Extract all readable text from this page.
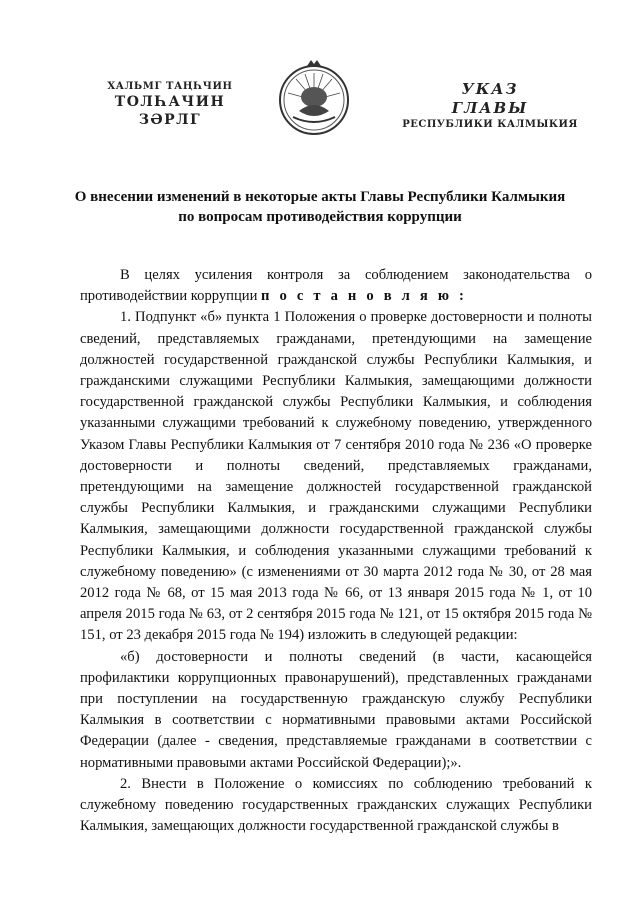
ХАЛЬМГ ТАҢҺЧИН
ТОЛҺАЧИН
ЗӘРЛГ
УКАЗ
ГЛАВЫ
РЕСПУБЛИКИ КАЛМЫКИЯ
О внесении изменений в некоторые акты Главы Республики Калмыкия
по вопросам противодействия коррупции

В целях усиления контроля за соблюдением законодательства о противодействии коррупции п о с т а н о в л я ю :

1. Подпункт «б» пункта 1 Положения о проверке достоверности и полноты сведений, представляемых гражданами, претендующими на замещение должностей государственной гражданской службы Республики Калмыкия, и гражданскими служащими Республики Калмыкия, замещающими должности государственной гражданской службы Республики Калмыкия, и соблюдения указанными служащими требований к служебному поведению, утвержденного Указом Главы Республики Калмыкия от 7 сентября 2010 года № 236 «О проверке достоверности и полноты сведений, представляемых гражданами, претендующими на замещение должностей государственной гражданской службы Республики Калмыкия, и гражданскими служащими Республики Калмыкия, замещающими должности государственной гражданской службы Республики Калмыкия, и соблюдения указанными служащими требований к служебному поведению» (с изменениями от 30 марта 2012 года № 30, от 28 мая 2012 года № 68, от 15 мая 2013 года № 66, от 13 января 2015 года № 1, от 10 апреля 2015 года № 63, от 2 сентября 2015 года № 121, от 15 октября 2015 года № 151, от 23 декабря 2015 года № 194) изложить в следующей редакции:

«б) достоверности и полноты сведений (в части, касающейся профилактики коррупционных правонарушений), представленных гражданами при поступлении на государственную гражданскую службу Республики Калмыкия в соответствии с нормативными правовыми актами Российской Федерации (далее - сведения, представляемые гражданами в соответствии с нормативными правовыми актами Российской Федерации);».

2. Внести в Положение о комиссиях по соблюдению требований к служебному поведению государственных гражданских служащих Республики Калмыкия, замещающих должности государственной гражданской службы в
